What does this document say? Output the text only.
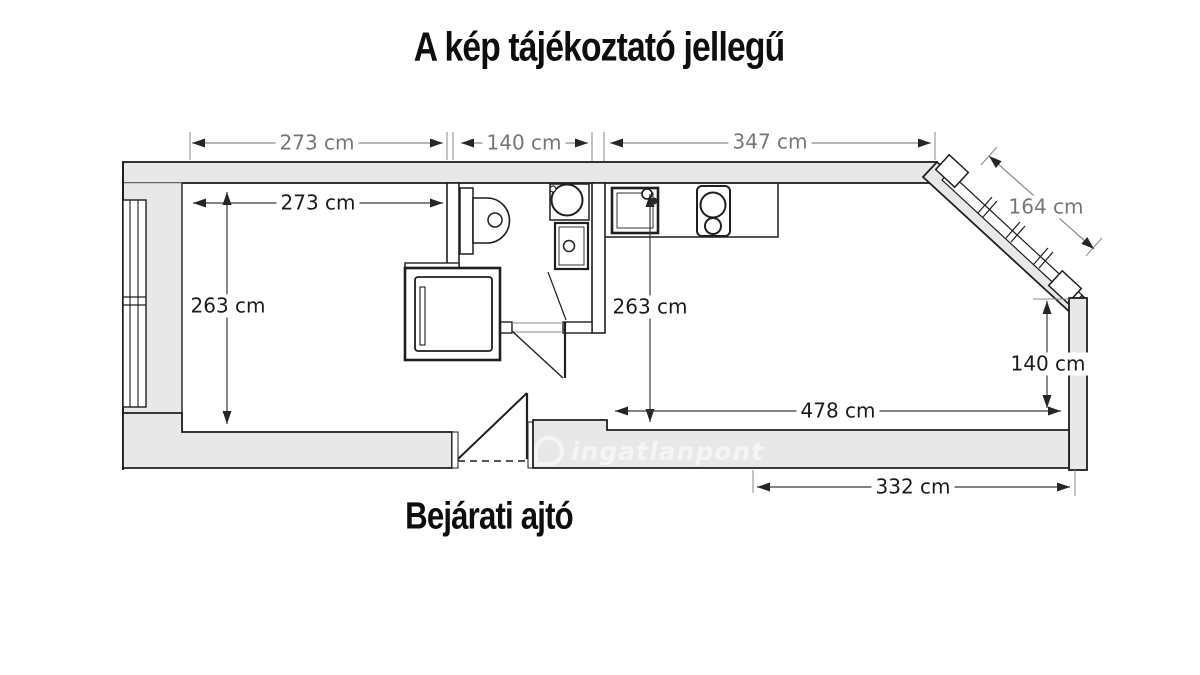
A kép tájékoztató jellegű
Bejárati ajtó
273 cm	140 cm	347 cm
273 cm
263 cm	263 cm
164 cm
140 cm
478 cm
332 cm
ingatlanpont
